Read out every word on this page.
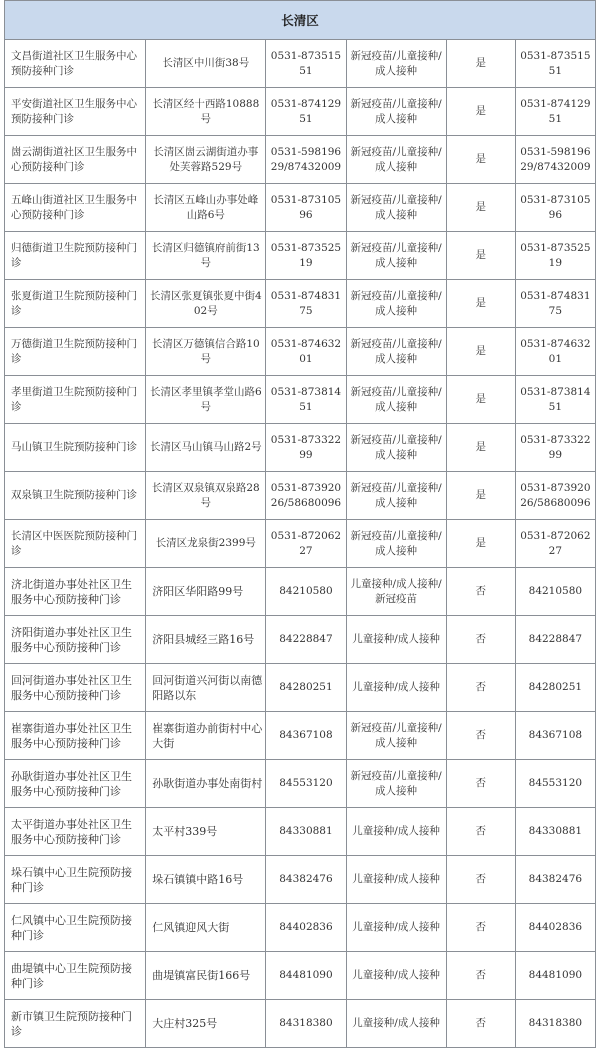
长清区					
文昌街道社区卫生服务中心预防接种门诊	长清区中川街38号	0531-87351551	新冠疫苗/儿童接种/成人接种	是	0531-87351551
平安街道社区卫生服务中心预防接种门诊	长清区经十西路10888号	0531-87412951	新冠疫苗/儿童接种/成人接种	是	0531-87412951
崮云湖街道社区卫生服务中心预防接种门诊	长清区崮云湖街道办事处芙蓉路529号	0531-59819629/87432009	新冠疫苗/儿童接种/成人接种	是	0531-59819629/87432009
五峰山街道社区卫生服务中心预防接种门诊	长清区五峰山办事处峰山路6号	0531-87310596	新冠疫苗/儿童接种/成人接种	是	0531-87310596
归德街道卫生院预防接种门诊	长清区归德镇府前街13号	0531-87352519	新冠疫苗/儿童接种/成人接种	是	0531-87352519
张夏街道卫生院预防接种门诊	长清区张夏镇张夏中街402号	0531-87483175	新冠疫苗/儿童接种/成人接种	是	0531-87483175
万德街道卫生院预防接种门诊	长清区万德镇信合路10号	0531-87463201	新冠疫苗/儿童接种/成人接种	是	0531-87463201
孝里街道卫生院预防接种门诊	长清区孝里镇孝堂山路6号	0531-87381451	新冠疫苗/儿童接种/成人接种	是	0531-87381451
马山镇卫生院预防接种门诊	长清区马山镇马山路2号	0531-87332299	新冠疫苗/儿童接种/成人接种	是	0531-87332299
双泉镇卫生院预防接种门诊	长清区双泉镇双泉路28号	0531-87392026/58680096	新冠疫苗/儿童接种/成人接种	是	0531-87392026/58680096
长清区中医医院预防接种门诊	长清区龙泉街2399号	0531-87206227	新冠疫苗/儿童接种/成人接种	是	0531-87206227
济北街道办事处社区卫生服务中心预防接种门诊	济阳区华阳路99号	84210580	儿童接种/成人接种/新冠疫苗	否	84210580
济阳街道办事处社区卫生服务中心预防接种门诊	济阳县城经三路16号	84228847	儿童接种/成人接种	否	84228847
回河街道办事处社区卫生服务中心预防接种门诊	回河街道兴河街以南德阳路以东	84280251	儿童接种/成人接种	否	84280251
崔寨街道办事处社区卫生服务中心预防接种门诊	崔寨街道办前街村中心大街	84367108	新冠疫苗/儿童接种/成人接种	否	84367108
孙耿街道办事处社区卫生服务中心预防接种门诊	孙耿街道办事处南街村	84553120	新冠疫苗/儿童接种/成人接种	否	84553120
太平街道办事处社区卫生服务中心预防接种门诊	太平村339号	84330881	儿童接种/成人接种	否	84330881
垛石镇中心卫生院预防接种门诊	垛石镇镇中路16号	84382476	儿童接种/成人接种	否	84382476
仁风镇中心卫生院预防接种门诊	仁风镇迎风大街	84402836	儿童接种/成人接种	否	84402836
曲堤镇中心卫生院预防接种门诊	曲堤镇富民街166号	84481090	儿童接种/成人接种	否	84481090
新市镇卫生院预防接种门诊	大庄村325号	84318380	儿童接种/成人接种	否	84318380
